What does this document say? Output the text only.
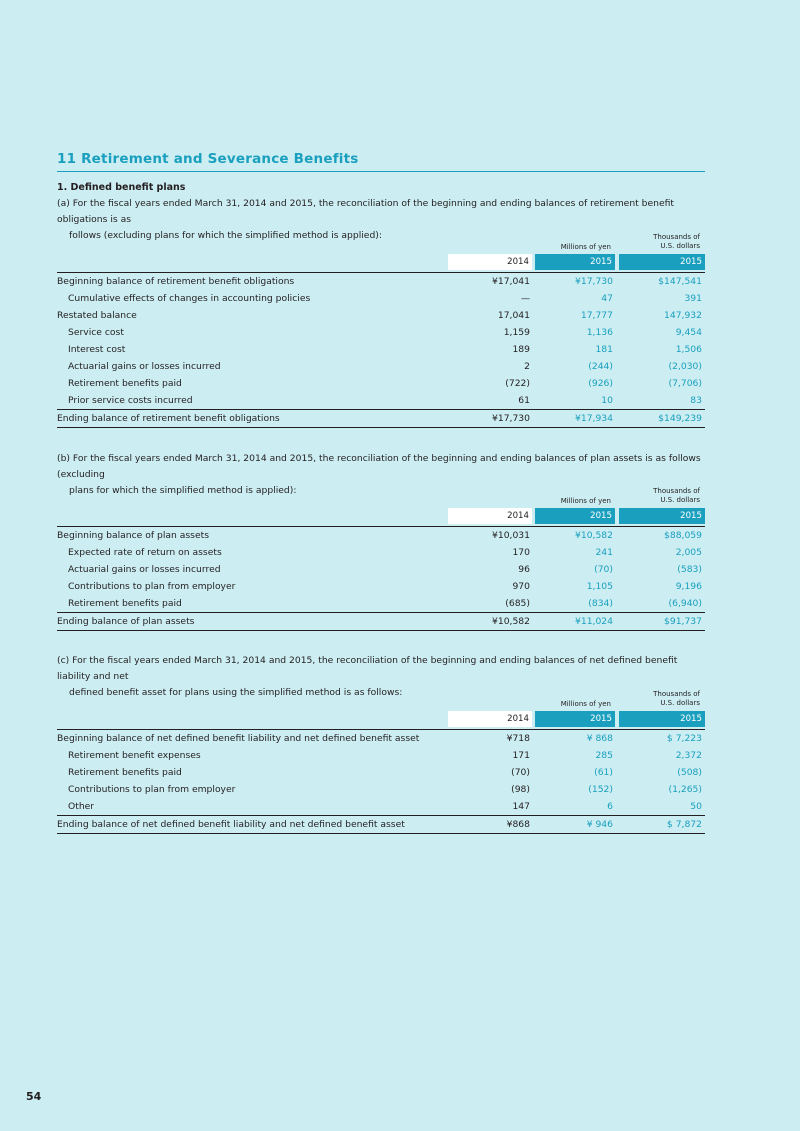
11 Retirement and Severance Benefits
1. Defined benefit plans
(a) For the fiscal years ended March 31, 2014 and 2015, the reconciliation of the beginning and ending balances of retirement benefit obligations is as
follows (excluding plans for which the simplified method is applied):
Millions of yen
Thousands of
U.S. dollars
2014	2015	2015
Beginning balance of retirement benefit obligations	¥17,041	¥17,730	$147,541
Cumulative effects of changes in accounting policies	—	47	391
Restated balance	17,041	17,777	147,932
Service cost	1,159	1,136	9,454
Interest cost	189	181	1,506
Actuarial gains or losses incurred	2	(244)	(2,030)
Retirement benefits paid	(722)	(926)	(7,706)
Prior service costs incurred	61	10	83
Ending balance of retirement benefit obligations	¥17,730	¥17,934	$149,239
(b) For the fiscal years ended March 31, 2014 and 2015, the reconciliation of the beginning and ending balances of plan assets is as follows (excluding
plans for which the simplified method is applied):
Millions of yen
Thousands of
U.S. dollars
2014	2015	2015
Beginning balance of plan assets	¥10,031	¥10,582	$88,059
Expected rate of return on assets	170	241	2,005
Actuarial gains or losses incurred	96	(70)	(583)
Contributions to plan from employer	970	1,105	9,196
Retirement benefits paid	(685)	(834)	(6,940)
Ending balance of plan assets	¥10,582	¥11,024	$91,737
(c) For the fiscal years ended March 31, 2014 and 2015, the reconciliation of the beginning and ending balances of net defined benefit liability and net
defined benefit asset for plans using the simplified method is as follows:
Millions of yen
Thousands of
U.S. dollars
2014	2015	2015
Beginning balance of net defined benefit liability and net defined benefit asset	¥718	¥ 868	$ 7,223
Retirement benefit expenses	171	285	2,372
Retirement benefits paid	(70)	(61)	(508)
Contributions to plan from employer	(98)	(152)	(1,265)
Other	147	6	50
Ending balance of net defined benefit liability and net defined benefit asset	¥868	¥ 946	$ 7,872
54
